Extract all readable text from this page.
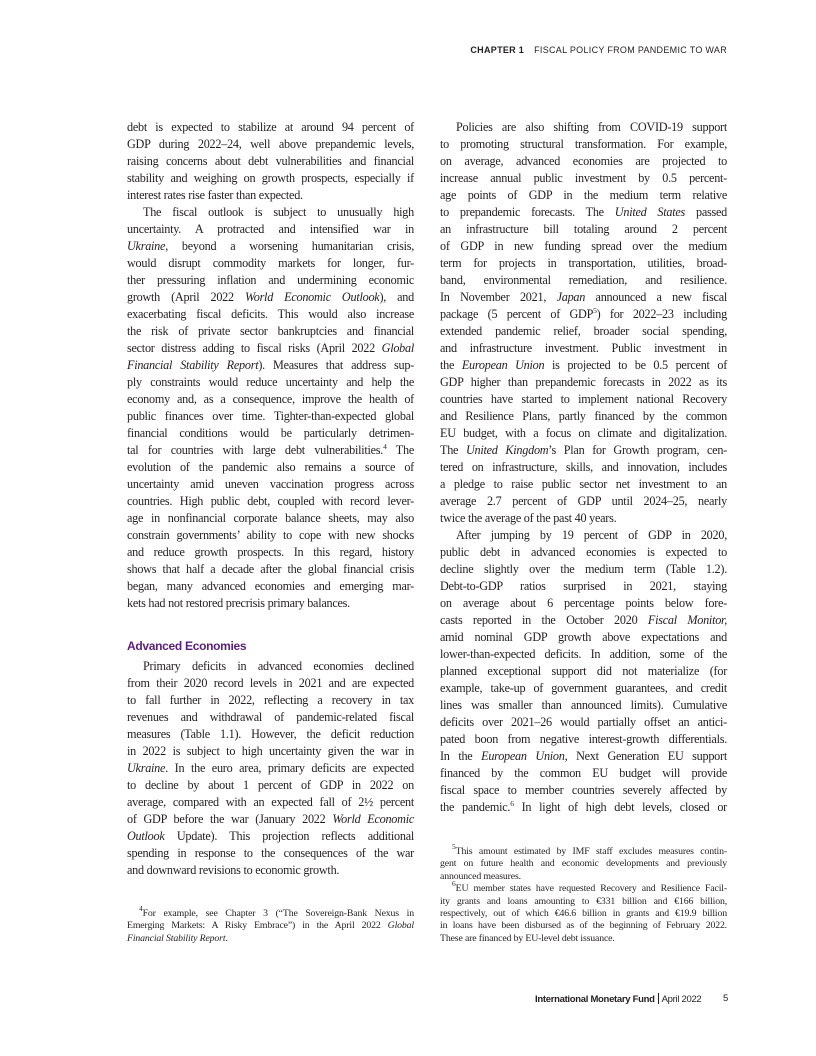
CHAPTER 1 FISCAL POLICY FROM PANDEMIC TO WAR
debt is expected to stabilize at around 94 percent of
GDP during 2022–24, well above prepandemic levels,
raising concerns about debt vulnerabilities and financial
stability and weighing on growth prospects, especially if
interest rates rise faster than expected.
The fiscal outlook is subject to unusually high
uncertainty. A protracted and intensified war in
Ukraine, beyond a worsening humanitarian crisis,
would disrupt commodity markets for longer, fur-
ther pressuring inflation and undermining economic
growth (April 2022 World Economic Outlook), and
exacerbating fiscal deficits. This would also increase
the risk of private sector bankruptcies and financial
sector distress adding to fiscal risks (April 2022 Global
Financial Stability Report). Measures that address sup-
ply constraints would reduce uncertainty and help the
economy and, as a consequence, improve the health of
public finances over time. Tighter-than-expected global
financial conditions would be particularly detrimen-
tal for countries with large debt vulnerabilities.$^4$ The
evolution of the pandemic also remains a source of
uncertainty amid uneven vaccination progress across
countries. High public debt, coupled with record lever-
age in nonfinancial corporate balance sheets, may also
constrain governments’ ability to cope with new shocks
and reduce growth prospects. In this regard, history
shows that half a decade after the global financial crisis
began, many advanced economies and emerging mar-
kets had not restored precrisis primary balances.
Advanced Economies
Primary deficits in advanced economies declined
from their 2020 record levels in 2021 and are expected
to fall further in 2022, reflecting a recovery in tax
revenues and withdrawal of pandemic-related fiscal
measures (Table 1.1). However, the deficit reduction
in 2022 is subject to high uncertainty given the war in
Ukraine. In the euro area, primary deficits are expected
to decline by about 1 percent of GDP in 2022 on
average, compared with an expected fall of 2½ percent
of GDP before the war (January 2022 World Economic
Outlook Update). This projection reflects additional
spending in response to the consequences of the war
and downward revisions to economic growth.
Policies are also shifting from COVID-19 support
to promoting structural transformation. For example,
on average, advanced economies are projected to
increase annual public investment by 0.5 percent-
age points of GDP in the medium term relative
to prepandemic forecasts. The United States passed
an infrastructure bill totaling around 2 percent
of GDP in new funding spread over the medium
term for projects in transportation, utilities, broad-
band, environmental remediation, and resilience.
In November 2021, Japan announced a new fiscal
package (5 percent of GDP$^5$) for 2022–23 including
extended pandemic relief, broader social spending,
and infrastructure investment. Public investment in
the European Union is projected to be 0.5 percent of
GDP higher than prepandemic forecasts in 2022 as its
countries have started to implement national Recovery
and Resilience Plans, partly financed by the common
EU budget, with a focus on climate and digitalization.
The United Kingdom’s Plan for Growth program, cen-
tered on infrastructure, skills, and innovation, includes
a pledge to raise public sector net investment to an
average 2.7 percent of GDP until 2024–25, nearly
twice the average of the past 40 years.
After jumping by 19 percent of GDP in 2020,
public debt in advanced economies is expected to
decline slightly over the medium term (Table 1.2).
Debt-to-GDP ratios surprised in 2021, staying
on average about 6 percentage points below fore-
casts reported in the October 2020 Fiscal Monitor,
amid nominal GDP growth above expectations and
lower-than-expected deficits. In addition, some of the
planned exceptional support did not materialize (for
example, take-up of government guarantees, and credit
lines was smaller than announced limits). Cumulative
deficits over 2021–26 would partially offset an antici-
pated boon from negative interest-growth differentials.
In the European Union, Next Generation EU support
financed by the common EU budget will provide
fiscal space to member countries severely affected by
the pandemic.$^6$ In light of high debt levels, closed or
$^4$For example, see Chapter 3 (“The Sovereign-Bank Nexus in
Emerging Markets: A Risky Embrace”) in the April 2022 Global
Financial Stability Report.
$^5$This amount estimated by IMF staff excludes measures contin-
gent on future health and economic developments and previously
announced measures.
$^6$EU member states have requested Recovery and Resilience Facil-
ity grants and loans amounting to €331 billion and €166 billion,
respectively, out of which €46.6 billion in grants and €19.9 billion
in loans have been disbursed as of the beginning of February 2022.
These are financed by EU-level debt issuance.
International Monetary Fund April 2022 5
